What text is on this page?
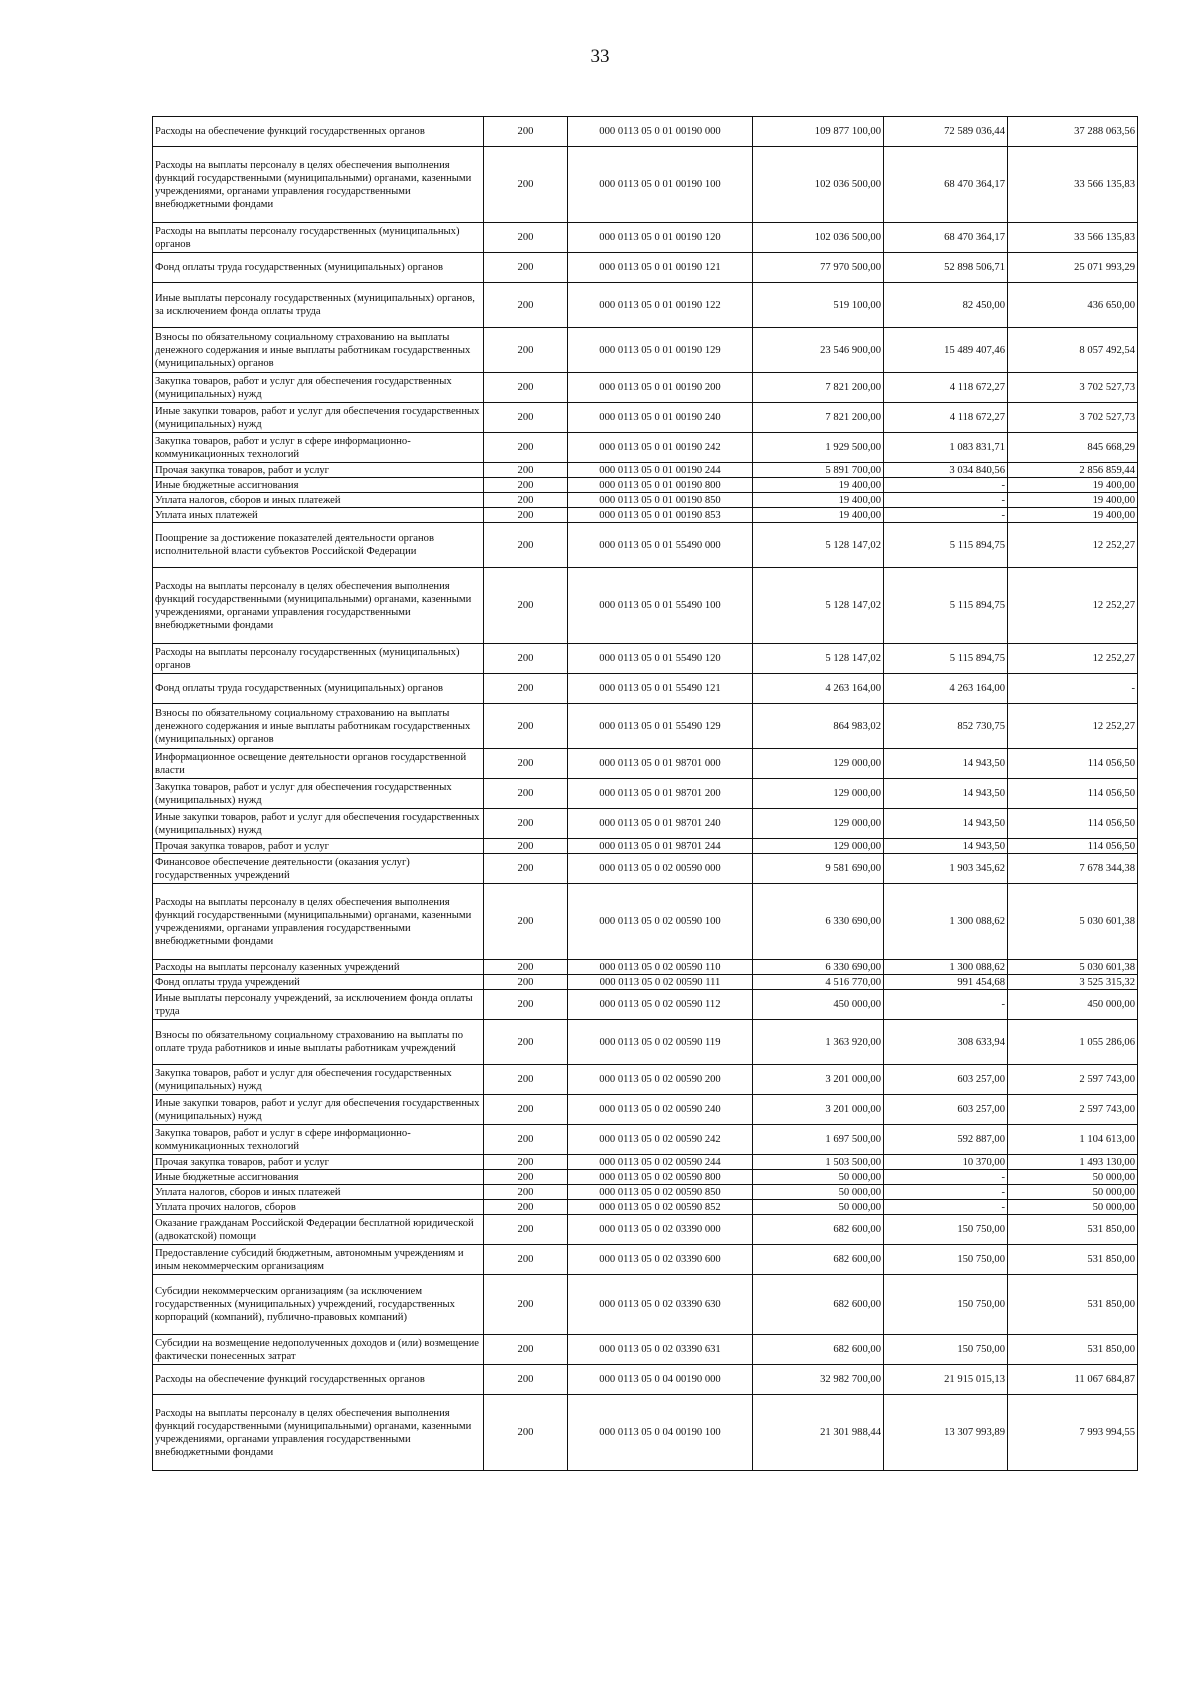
33
Расходы на обеспечение функций государственных органов	200	000 0113 05 0 01 00190 000	109 877 100,00	72 589 036,44	37 288 063,56
Расходы на выплаты персоналу в целях обеспечения выполнения функций государственными (муниципальными) органами, казенными учреждениями, органами управления государственными внебюджетными фондами	200	000 0113 05 0 01 00190 100	102 036 500,00	68 470 364,17	33 566 135,83
Расходы на выплаты персоналу государственных (муниципальных) органов	200	000 0113 05 0 01 00190 120	102 036 500,00	68 470 364,17	33 566 135,83
Фонд оплаты труда государственных (муниципальных) органов	200	000 0113 05 0 01 00190 121	77 970 500,00	52 898 506,71	25 071 993,29
Иные выплаты персоналу государственных (муниципальных) органов, за исключением фонда оплаты труда	200	000 0113 05 0 01 00190 122	519 100,00	82 450,00	436 650,00
Взносы по обязательному социальному страхованию на выплаты денежного содержания и иные выплаты работникам государственных (муниципальных) органов	200	000 0113 05 0 01 00190 129	23 546 900,00	15 489 407,46	8 057 492,54
Закупка товаров, работ и услуг для обеспечения государственных (муниципальных) нужд	200	000 0113 05 0 01 00190 200	7 821 200,00	4 118 672,27	3 702 527,73
Иные закупки товаров, работ и услуг для обеспечения государственных (муниципальных) нужд	200	000 0113 05 0 01 00190 240	7 821 200,00	4 118 672,27	3 702 527,73
Закупка товаров, работ и услуг в сфере информационно-коммуникационных технологий	200	000 0113 05 0 01 00190 242	1 929 500,00	1 083 831,71	845 668,29
Прочая закупка товаров, работ и услуг	200	000 0113 05 0 01 00190 244	5 891 700,00	3 034 840,56	2 856 859,44
Иные бюджетные ассигнования	200	000 0113 05 0 01 00190 800	19 400,00	-	19 400,00
Уплата налогов, сборов и иных платежей	200	000 0113 05 0 01 00190 850	19 400,00	-	19 400,00
Уплата иных платежей	200	000 0113 05 0 01 00190 853	19 400,00	-	19 400,00
Поощрение за достижение показателей деятельности органов исполнительной власти субъектов Российской Федерации	200	000 0113 05 0 01 55490 000	5 128 147,02	5 115 894,75	12 252,27
Расходы на выплаты персоналу в целях обеспечения выполнения функций государственными (муниципальными) органами, казенными учреждениями, органами управления государственными внебюджетными фондами	200	000 0113 05 0 01 55490 100	5 128 147,02	5 115 894,75	12 252,27
Расходы на выплаты персоналу государственных (муниципальных) органов	200	000 0113 05 0 01 55490 120	5 128 147,02	5 115 894,75	12 252,27
Фонд оплаты труда государственных (муниципальных) органов	200	000 0113 05 0 01 55490 121	4 263 164,00	4 263 164,00	-
Взносы по обязательному социальному страхованию на выплаты денежного содержания и иные выплаты работникам государственных (муниципальных) органов	200	000 0113 05 0 01 55490 129	864 983,02	852 730,75	12 252,27
Информационное освещение деятельности органов государственной власти	200	000 0113 05 0 01 98701 000	129 000,00	14 943,50	114 056,50
Закупка товаров, работ и услуг для обеспечения государственных (муниципальных) нужд	200	000 0113 05 0 01 98701 200	129 000,00	14 943,50	114 056,50
Иные закупки товаров, работ и услуг для обеспечения государственных (муниципальных) нужд	200	000 0113 05 0 01 98701 240	129 000,00	14 943,50	114 056,50
Прочая закупка товаров, работ и услуг	200	000 0113 05 0 01 98701 244	129 000,00	14 943,50	114 056,50
Финансовое обеспечение деятельности (оказания услуг) государственных учреждений	200	000 0113 05 0 02 00590 000	9 581 690,00	1 903 345,62	7 678 344,38
Расходы на выплаты персоналу в целях обеспечения выполнения функций государственными (муниципальными) органами, казенными учреждениями, органами управления государственными внебюджетными фондами	200	000 0113 05 0 02 00590 100	6 330 690,00	1 300 088,62	5 030 601,38
Расходы на выплаты персоналу казенных учреждений	200	000 0113 05 0 02 00590 110	6 330 690,00	1 300 088,62	5 030 601,38
Фонд оплаты труда учреждений	200	000 0113 05 0 02 00590 111	4 516 770,00	991 454,68	3 525 315,32
Иные выплаты персоналу учреждений, за исключением фонда оплаты труда	200	000 0113 05 0 02 00590 112	450 000,00	-	450 000,00
Взносы по обязательному социальному страхованию на выплаты по оплате труда работников и иные выплаты работникам учреждений	200	000 0113 05 0 02 00590 119	1 363 920,00	308 633,94	1 055 286,06
Закупка товаров, работ и услуг для обеспечения государственных (муниципальных) нужд	200	000 0113 05 0 02 00590 200	3 201 000,00	603 257,00	2 597 743,00
Иные закупки товаров, работ и услуг для обеспечения государственных (муниципальных) нужд	200	000 0113 05 0 02 00590 240	3 201 000,00	603 257,00	2 597 743,00
Закупка товаров, работ и услуг в сфере информационно-коммуникационных технологий	200	000 0113 05 0 02 00590 242	1 697 500,00	592 887,00	1 104 613,00
Прочая закупка товаров, работ и услуг	200	000 0113 05 0 02 00590 244	1 503 500,00	10 370,00	1 493 130,00
Иные бюджетные ассигнования	200	000 0113 05 0 02 00590 800	50 000,00	-	50 000,00
Уплата налогов, сборов и иных платежей	200	000 0113 05 0 02 00590 850	50 000,00	-	50 000,00
Уплата прочих налогов, сборов	200	000 0113 05 0 02 00590 852	50 000,00	-	50 000,00
Оказание гражданам Российской Федерации бесплатной юридической (адвокатской) помощи	200	000 0113 05 0 02 03390 000	682 600,00	150 750,00	531 850,00
Предоставление субсидий бюджетным, автономным учреждениям и иным некоммерческим организациям	200	000 0113 05 0 02 03390 600	682 600,00	150 750,00	531 850,00
Субсидии некоммерческим организациям (за исключением государственных (муниципальных) учреждений, государственных корпораций (компаний), публично-правовых компаний)	200	000 0113 05 0 02 03390 630	682 600,00	150 750,00	531 850,00
Субсидии на возмещение недополученных доходов и (или) возмещение фактически понесенных затрат	200	000 0113 05 0 02 03390 631	682 600,00	150 750,00	531 850,00
Расходы на обеспечение функций государственных органов	200	000 0113 05 0 04 00190 000	32 982 700,00	21 915 015,13	11 067 684,87
Расходы на выплаты персоналу в целях обеспечения выполнения функций государственными (муниципальными) органами, казенными учреждениями, органами управления государственными внебюджетными фондами	200	000 0113 05 0 04 00190 100	21 301 988,44	13 307 993,89	7 993 994,55
